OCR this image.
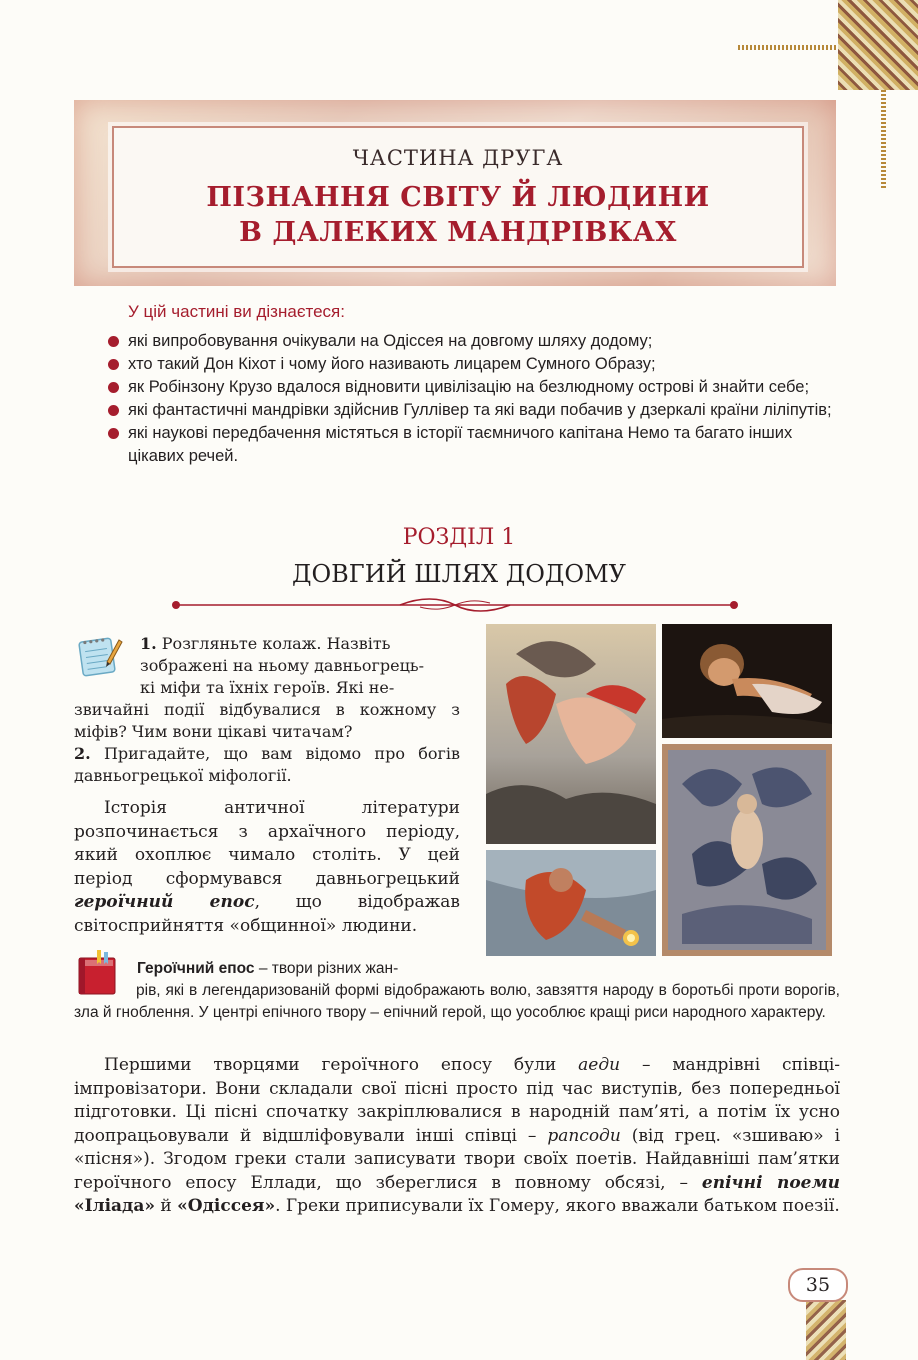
ЧАСТИНА ДРУГА
ПІЗНАННЯ СВІТУ Й ЛЮДИНИ
В ДАЛЕКИХ МАНДРІВКАХ
У цій частині ви дізнаєтеся:
які випробовування очікували на Одіссея на довгому шляху додому;
хто такий Дон Кіхот і чому його називають лицарем Сумного Образу;
як Робінзону Крузо вдалося відновити цивілізацію на безлюдному острові й знайти себе;
які фантастичні мандрівки здійснив Гуллівер та які вади побачив у дзеркалі країни ліліпутів;
які наукові передбачення містяться в історії таємничого капітана Немо та багато інших цікавих речей.
РОЗДІЛ 1
ДОВГИЙ ШЛЯХ ДОДОМУ
1. Розгляньте колаж. Назвіть
зображені на ньому давньогрець-
кі міфи та їхніх героїв. Які не-
звичайні події відбувалися в кожному з міфів? Чим вони цікаві читачам?
2. Пригадайте, що вам відомо про богів давньогрецької міфології.
Історія античної літератури розпочинається з архаїчного періоду, який охоплює чимало століть. У цей період сформувався давньогрецький героїчний епос, що відображав світосприйняття «общинної» людини.
Героїчний епос – твори різних жан-
рів, які в легендаризованій формі відображають волю, завзяття народу в боротьбі проти ворогів, зла й гноблення. У центрі епічного твору – епічний герой, що уособлює кращі риси народного характеру.
Першими творцями героїчного епосу були аеди – мандрівні співці-імпровізатори. Вони складали свої пісні просто під час виступів, без попередньої підготовки. Ці пісні спочатку закріплювалися в народній пам’яті, а потім їх усно доопрацьовували й відшліфовували інші співці – рапсоди (від грец. «зшиваю» і «пісня»). Згодом греки стали записувати твори своїх поетів. Найдавніші пам’ятки героїчного епосу Еллади, що збереглися в повному обсязі, – епічні поеми «Іліада» й «Одіссея». Греки приписували їх Гомеру, якого вважали батьком поезії.
35
